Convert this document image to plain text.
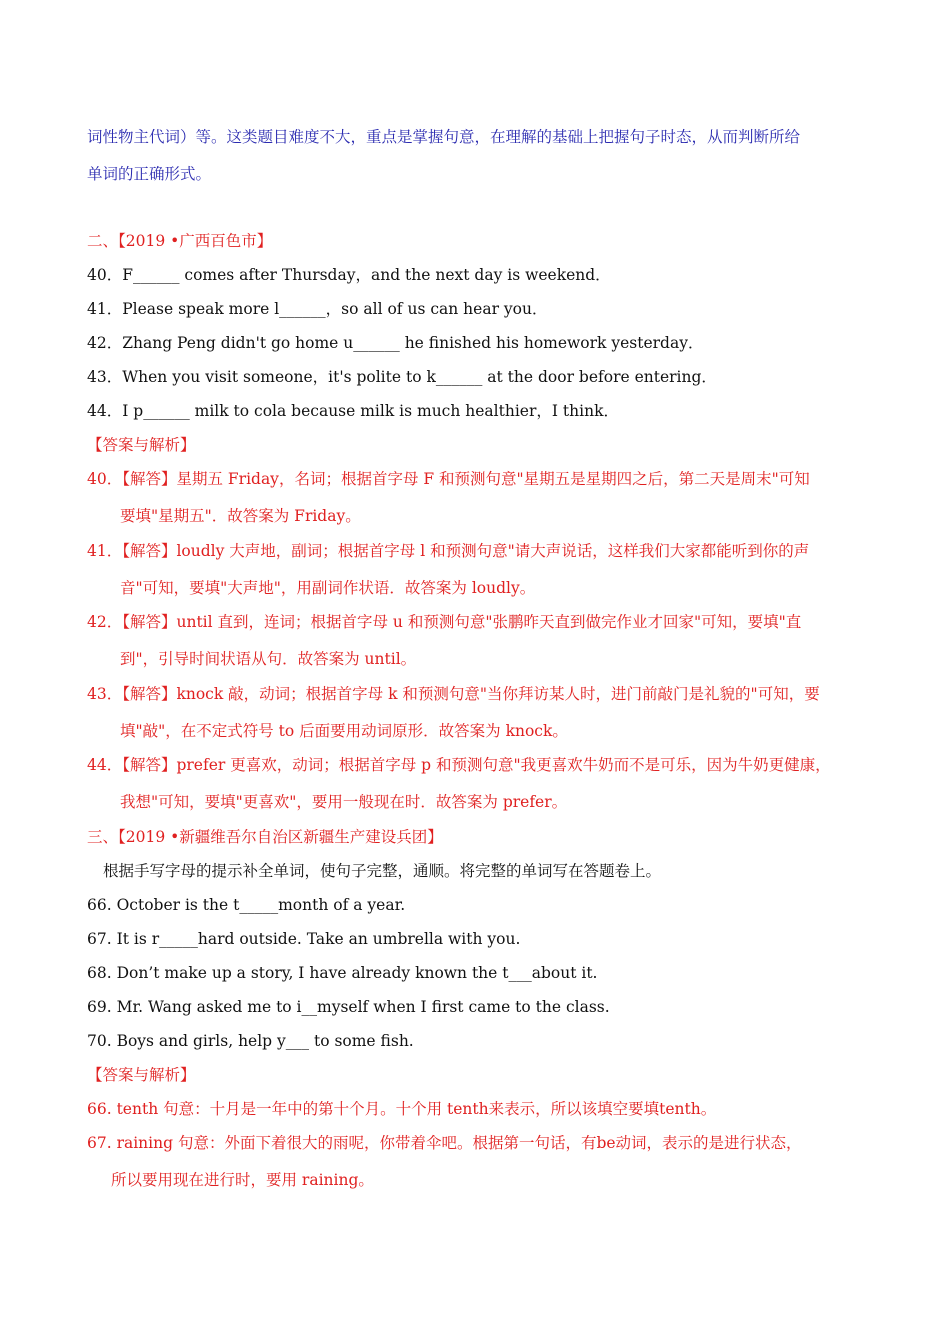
词性物主代词）等。这类题目难度不大，重点是掌握句意，在理解的基础上把握句子时态，从而判断所给
单词的正确形式。
二、【2019 •广西百色市】
40．F______ comes after Thursday，and the next day is weekend．
41．Please speak more l______，so all of us can hear you．
42．Zhang Peng didn't go home u______ he finished his homework yesterday．
43．When you visit someone，it's polite to k______ at the door before entering．
44．I p______ milk to cola because milk is much healthier，I think．
【答案与解析】
40．【解答】星期五 Friday，名词；根据首字母 F 和预测句意"星期五是星期四之后，第二天是周末"可知
要填"星期五"．故答案为 Friday。
41．【解答】loudly 大声地，副词；根据首字母 l 和预测句意"请大声说话，这样我们大家都能听到你的声
音"可知，要填"大声地"，用副词作状语．故答案为 loudly。
42．【解答】until 直到，连词；根据首字母 u 和预测句意"张鹏昨天直到做完作业才回家"可知，要填"直
到"，引导时间状语从句．故答案为 until。
43．【解答】knock 敲，动词；根据首字母 k 和预测句意"当你拜访某人时，进门前敲门是礼貌的"可知，要
填"敲"，在不定式符号 to 后面要用动词原形．故答案为 knock。
44．【解答】prefer 更喜欢，动词；根据首字母 p 和预测句意"我更喜欢牛奶而不是可乐，因为牛奶更健康，
我想"可知，要填"更喜欢"，要用一般现在时．故答案为 prefer。
三、【2019 •新疆维吾尔自治区新疆生产建设兵团】
根据手写字母的提示补全单词，使句子完整，通顺。将完整的单词写在答题卷上。
66. October is the t_____month of a year.
67. It is r_____hard outside. Take an umbrella with you.
68. Don’t make up a story, I have already known the t___about it.
69. Mr. Wang asked me to i__myself when I first came to the class.
70. Boys and girls, help y___ to some fish.
【答案与解析】
66. tenth 句意：十月是一年中的第十个月。十个用 tenth来表示，所以该填空要填tenth。
67. raining 句意：外面下着很大的雨呢，你带着伞吧。根据第一句话，有be动词，表示的是进行状态，
所以要用现在进行时，要用 raining。
